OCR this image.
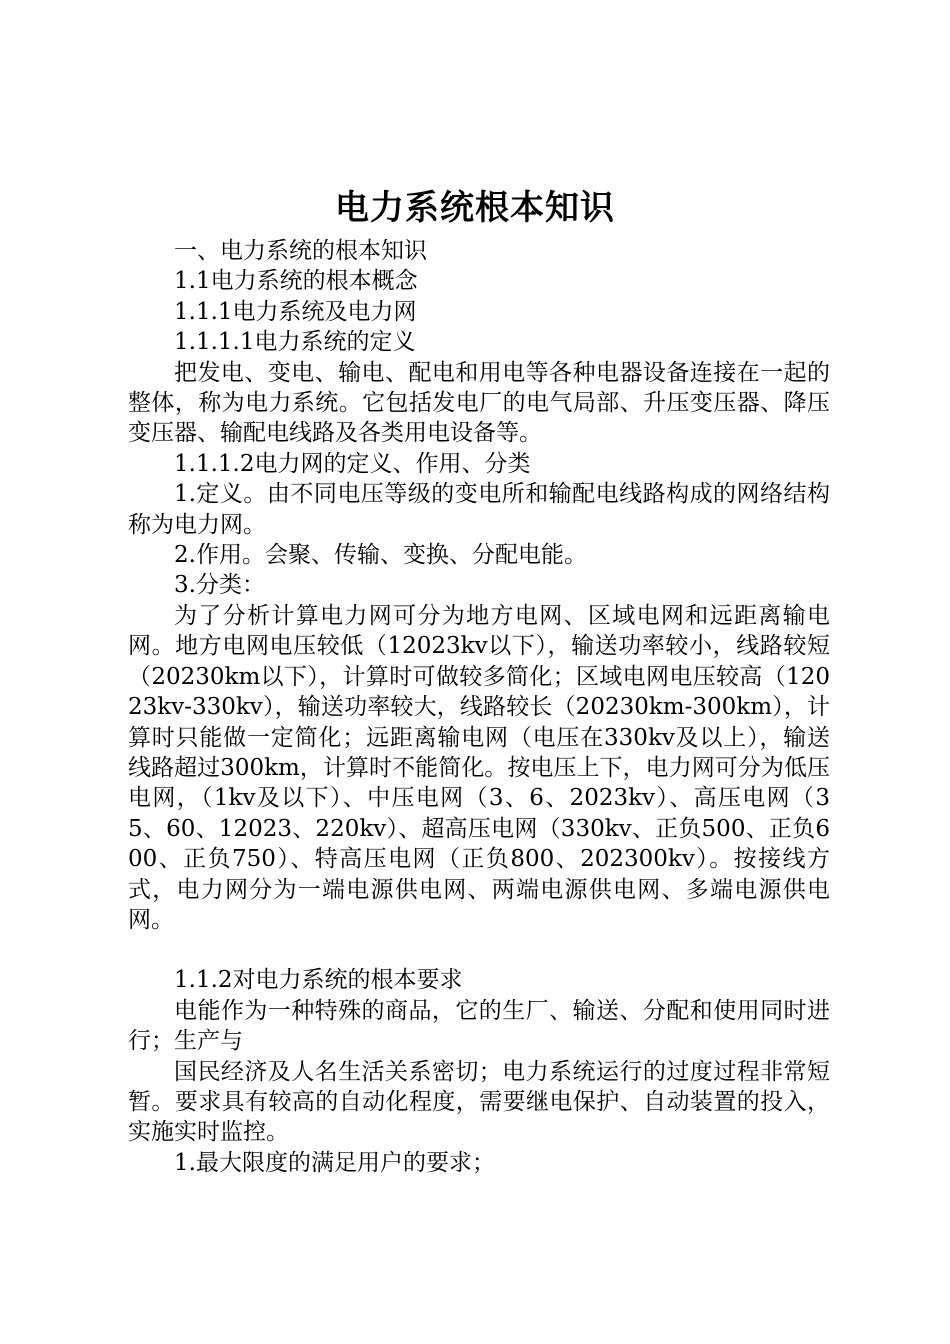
电力系统根本知识

一、电力系统的根本知识

1.1电力系统的根本概念

1.1.1电力系统及电力网

1.1.1.1电力系统的定义

把发电、变电、输电、配电和用电等各种电器设备连接在一起的整体，称为电力系统。它包括发电厂的电气局部、升压变压器、降压变压器、输配电线路及各类用电设备等。

1.1.1.2电力网的定义、作用、分类

1.定义。由不同电压等级的变电所和输配电线路构成的网络结构称为电力网。

2.作用。会聚、传输、变换、分配电能。

3.分类：

为了分析计算电力网可分为地方电网、区域电网和远距离输电网。地方电网电压较低（12023kv以下），输送功率较小，线路较短（20230km以下），计算时可做较多简化；区域电网电压较高（12023kv-330kv），输送功率较大，线路较长（20230km-300km），计算时只能做一定简化；远距离输电网（电压在330kv及以上），输送线路超过300km，计算时不能简化。按电压上下，电力网可分为低压电网，（1kv及以下）、中压电网（3、6、2023kv）、高压电网（35、60、12023、220kv）、超高压电网（330kv、正负500、正负600、正负750）、特高压电网（正负800、202300kv）。按接线方式，电力网分为一端电源供电网、两端电源供电网、多端电源供电网。

1.1.2对电力系统的根本要求

电能作为一种特殊的商品，它的生厂、输送、分配和使用同时进行；生产与

国民经济及人名生活关系密切；电力系统运行的过度过程非常短暂。要求具有较高的自动化程度，需要继电保护、自动装置的投入，实施实时监控。

1.最大限度的满足用户的要求；
